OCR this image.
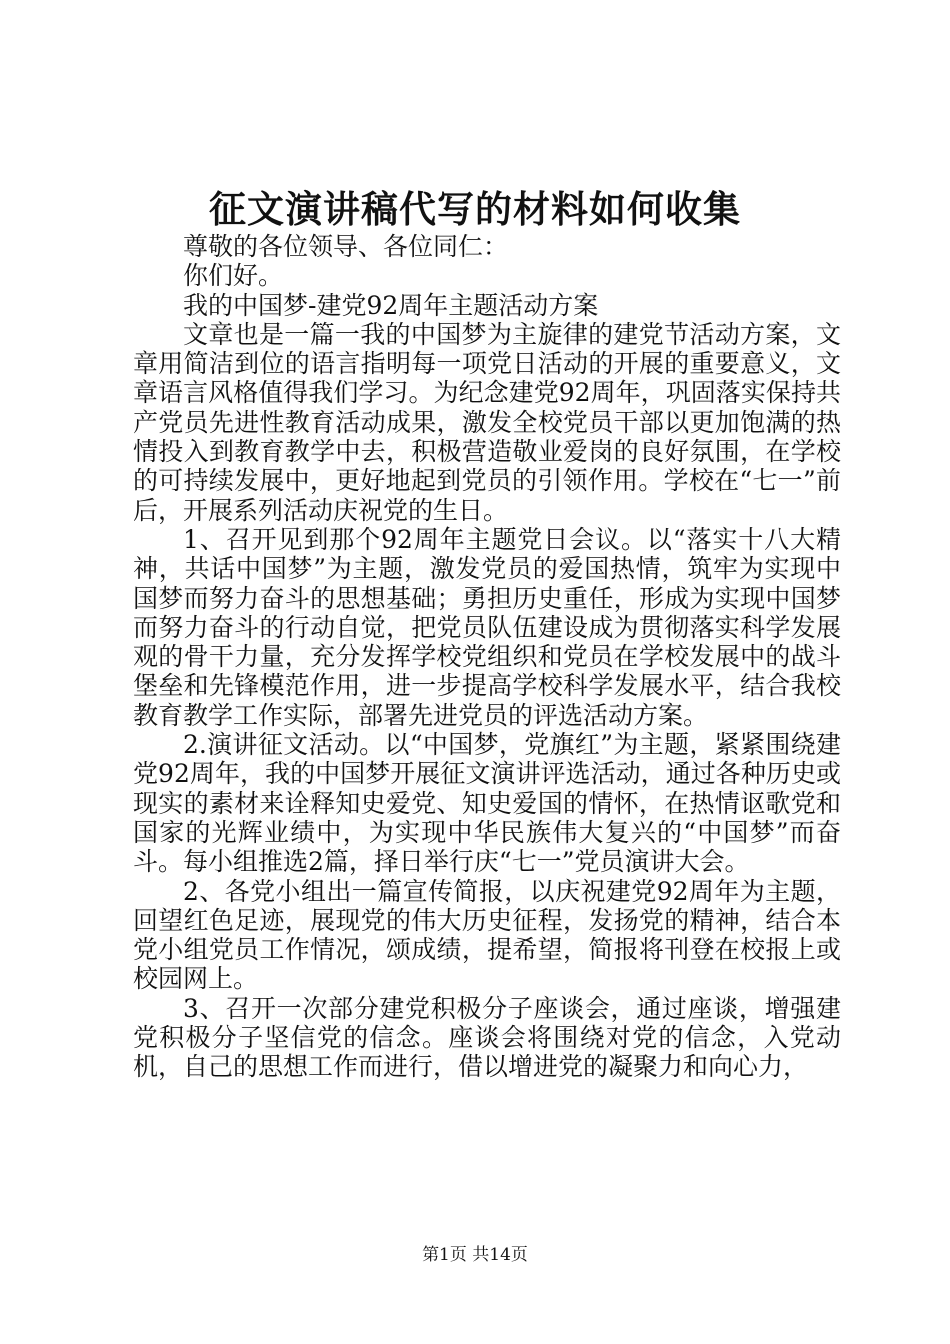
征文演讲稿代写的材料如何收集

尊敬的各位领导、各位同仁：

你们好。

我的中国梦-建党92周年主题活动方案

文章也是一篇一我的中国梦为主旋律的建党节活动方案，文章用简洁到位的语言指明每一项党日活动的开展的重要意义，文章语言风格值得我们学习。为纪念建党92周年，巩固落实保持共产党员先进性教育活动成果，激发全校党员干部以更加饱满的热情投入到教育教学中去，积极营造敬业爱岗的良好氛围，在学校的可持续发展中，更好地起到党员的引领作用。学校在“七一”前后，开展系列活动庆祝党的生日。

1、召开见到那个92周年主题党日会议。以“落实十八大精神，共话中国梦”为主题，激发党员的爱国热情，筑牢为实现中国梦而努力奋斗的思想基础；勇担历史重任，形成为实现中国梦而努力奋斗的行动自觉，把党员队伍建设成为贯彻落实科学发展观的骨干力量，充分发挥学校党组织和党员在学校发展中的战斗堡垒和先锋模范作用，进一步提高学校科学发展水平，结合我校教育教学工作实际，部署先进党员的评选活动方案。

2.演讲征文活动。以“中国梦，党旗红”为主题，紧紧围绕建党92周年，我的中国梦开展征文演讲评选活动，通过各种历史或现实的素材来诠释知史爱党、知史爱国的情怀，在热情讴歌党和国家的光辉业绩中，为实现中华民族伟大复兴的“中国梦”而奋斗。每小组推选2篇，择日举行庆“七一”党员演讲大会。

2、各党小组出一篇宣传简报，以庆祝建党92周年为主题，回望红色足迹，展现党的伟大历史征程，发扬党的精神，结合本党小组党员工作情况，颂成绩，提希望，简报将刊登在校报上或校园网上。

3、召开一次部分建党积极分子座谈会，通过座谈，增强建党积极分子坚信党的信念。座谈会将围绕对党的信念，入党动机，自己的思想工作而进行，借以增进党的凝聚力和向心力，

第1页 共14页
